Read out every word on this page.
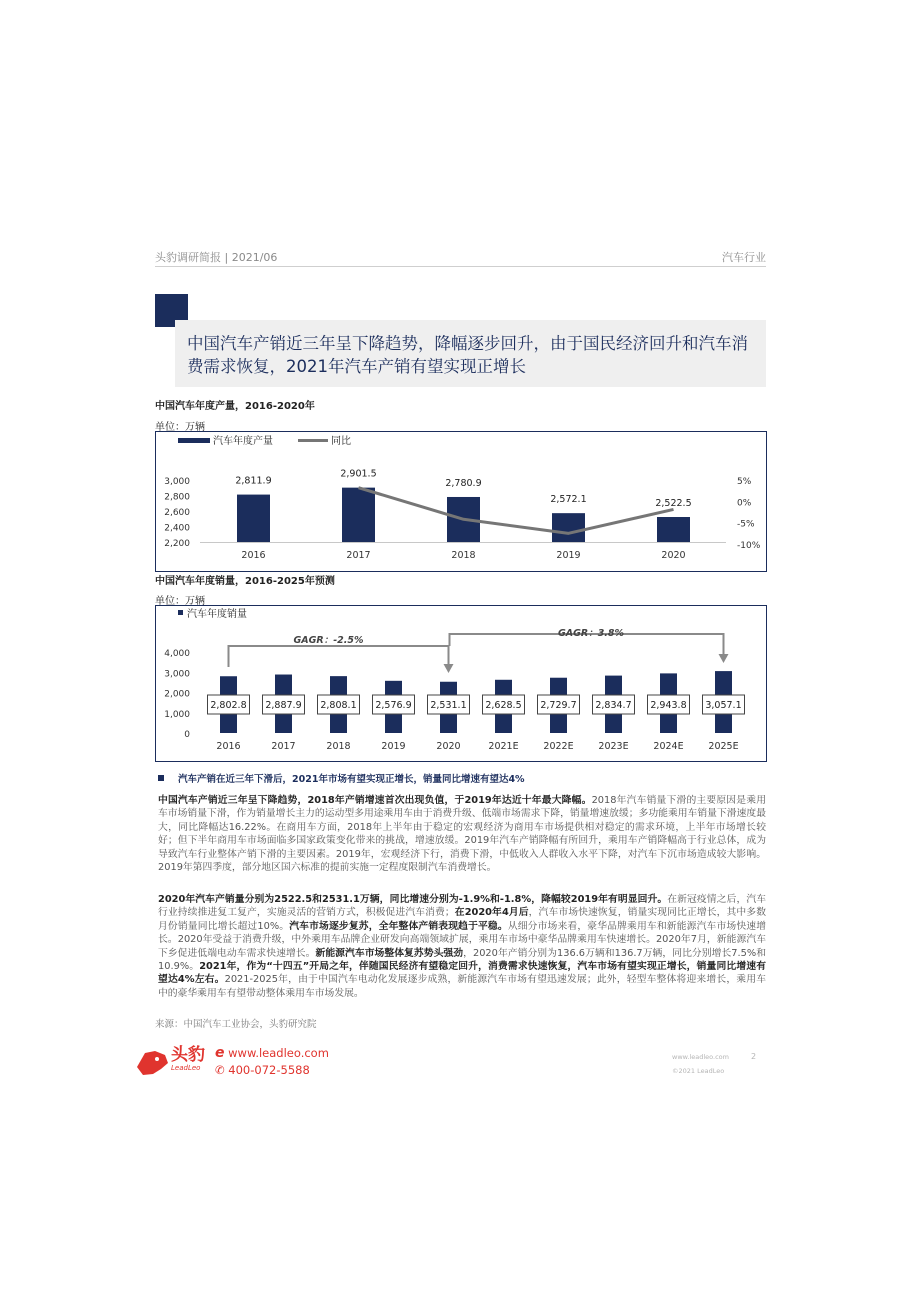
头豹调研简报 | 2021/06	汽车行业
中国汽车产销近三年呈下降趋势，降幅逐步回升，由于国民经济回升和汽车消费需求恢复，2021年汽车产销有望实现正增长
中国汽车年度产量，2016-2020年
单位：万辆
汽车年度产量	同比
3,000
2,800
2,600
2,400
2,200
5%
0%
-5%
-10%
2,811.9
2016
2,901.5
2017
2,780.9
2018
2,572.1
2019
2,522.5
2020
中国汽车年度销量，2016-2025年预测
单位：万辆
汽车年度销量
4,000
3,000
2,000
1,000
0
2,802.8
2016
2,887.9
2017
2,808.1
2018
2,576.9
2019
2,531.1
2020
2,628.5
2021E
2,729.7
2022E
2,834.7
2023E
2,943.8
2024E
3,057.1
2025E
GAGR：-2.5%
GAGR：3.8%
汽车产销在近三年下滑后，2021年市场有望实现正增长，销量同比增速有望达4%
中国汽车产销近三年呈下降趋势，2018年产销增速首次出现负值，于2019年达近十年最大降幅。2018年汽车销量下滑的主要原因是乘用车市场销量下滑，作为销量增长主力的运动型多用途乘用车由于消费升级、低端市场需求下降，销量增速放缓；多功能乘用车销量下滑速度最大，同比降幅达16.22%。在商用车方面，2018年上半年由于稳定的宏观经济为商用车市场提供相对稳定的需求环境，上半年市场增长较好；但下半年商用车市场面临多国家政策变化带来的挑战，增速放缓。2019年汽车产销降幅有所回升，乘用车产销降幅高于行业总体，成为导致汽车行业整体产销下滑的主要因素。2019年，宏观经济下行，消费下滑，中低收入人群收入水平下降，对汽车下沉市场造成较大影响。2019年第四季度，部分地区国六标准的提前实施一定程度限制汽车消费增长。
2020年汽车产销量分别为2522.5和2531.1万辆，同比增速分别为-1.9%和-1.8%，降幅较2019年有明显回升。在新冠疫情之后，汽车行业持续推进复工复产，实施灵活的营销方式，积极促进汽车消费；在2020年4月后，汽车市场快速恢复，销量实现同比正增长，其中多数月份销量同比增长超过10%。汽车市场逐步复苏，全年整体产销表现趋于平稳。从细分市场来看，豪华品牌乘用车和新能源汽车市场快速增长。2020年受益于消费升级，中外乘用车品牌企业研发向高端领域扩展，乘用车市场中豪华品牌乘用车快速增长。2020年7月，新能源汽车下乡促进低端电动车需求快速增长。新能源汽车市场整体复苏势头强劲，2020年产销分别为136.6万辆和136.7万辆，同比分别增长7.5%和10.9%。2021年，作为“十四五”开局之年，伴随国民经济有望稳定回升，消费需求快速恢复，汽车市场有望实现正增长，销量同比增速有望达4%左右。2021-2025年，由于中国汽车电动化发展逐步成熟，新能源汽车市场有望迅速发展；此外，轻型车整体将迎来增长，乘用车中的豪华乘用车有望带动整体乘用车市场发展。
来源：中国汽车工业协会，头豹研究院
头豹
LeadLeo
e www.leadleo.com
✆ 400-072-5588
www.leadleo.com
©2021 LeadLeo
2
